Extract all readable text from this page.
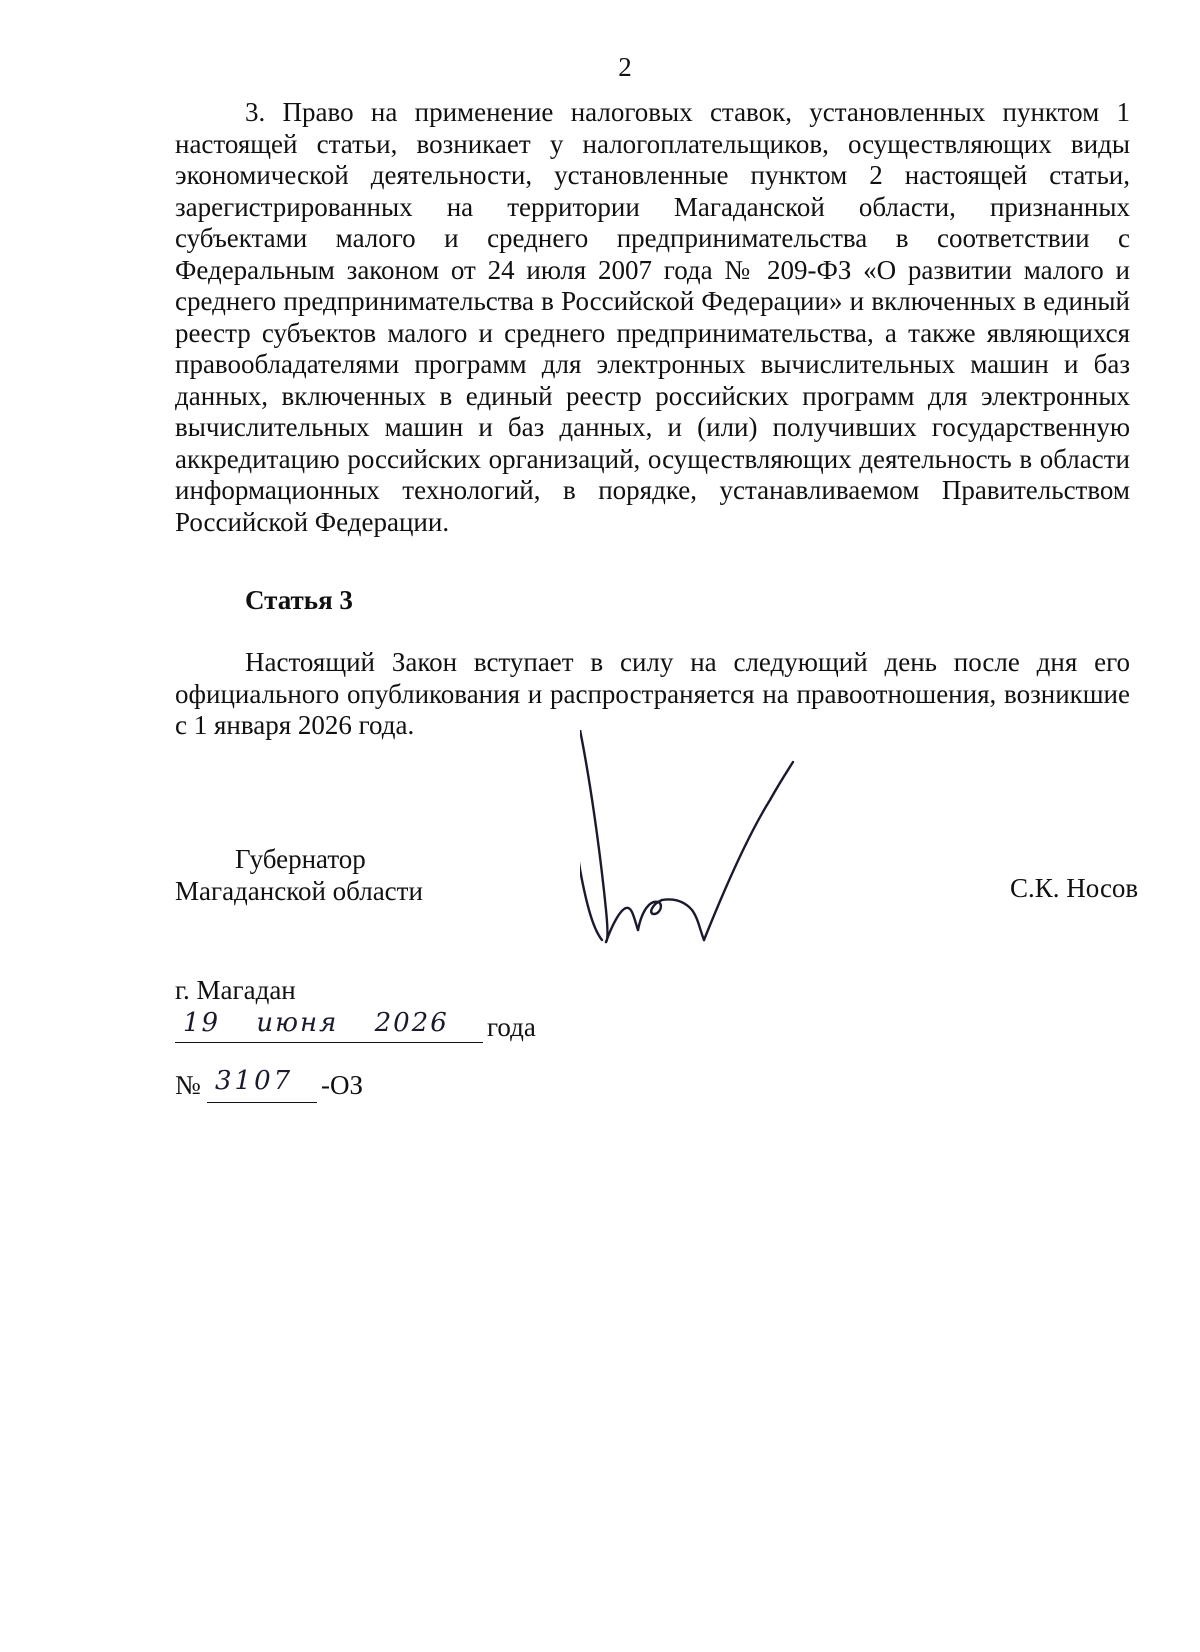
2

3. Право на применение налоговых ставок, установленных пунктом 1 настоящей статьи, возникает у налогоплательщиков, осуществляющих виды экономической деятельности, установленные пунктом 2 настоящей статьи, зарегистрированных на территории Магаданской области, признанных субъектами малого и среднего предпринимательства в соответствии с Федеральным законом от 24 июля 2007 года № 209-ФЗ «О развитии малого и среднего предпринимательства в Российской Федерации» и включенных в единый реестр субъектов малого и среднего предпринимательства, а также являющихся правообладателями программ для электронных вычислительных машин и баз данных, включенных в единый реестр российских программ для электронных вычислительных машин и баз данных, и (или) получивших государственную аккредитацию российских организаций, осуществляющих деятельность в области информационных технологий, в порядке, устанавливаемом Правительством Российской Федерации.

Статья 3

Настоящий Закон вступает в силу на следующий день после дня его официального опубликования и распространяется на правоотношения, возникшие с 1 января 2026 года.

Губернатор
Магаданской области	С.К. Носов
г. Магадан
19 июня 2026 года
№ 3107 -ОЗ
